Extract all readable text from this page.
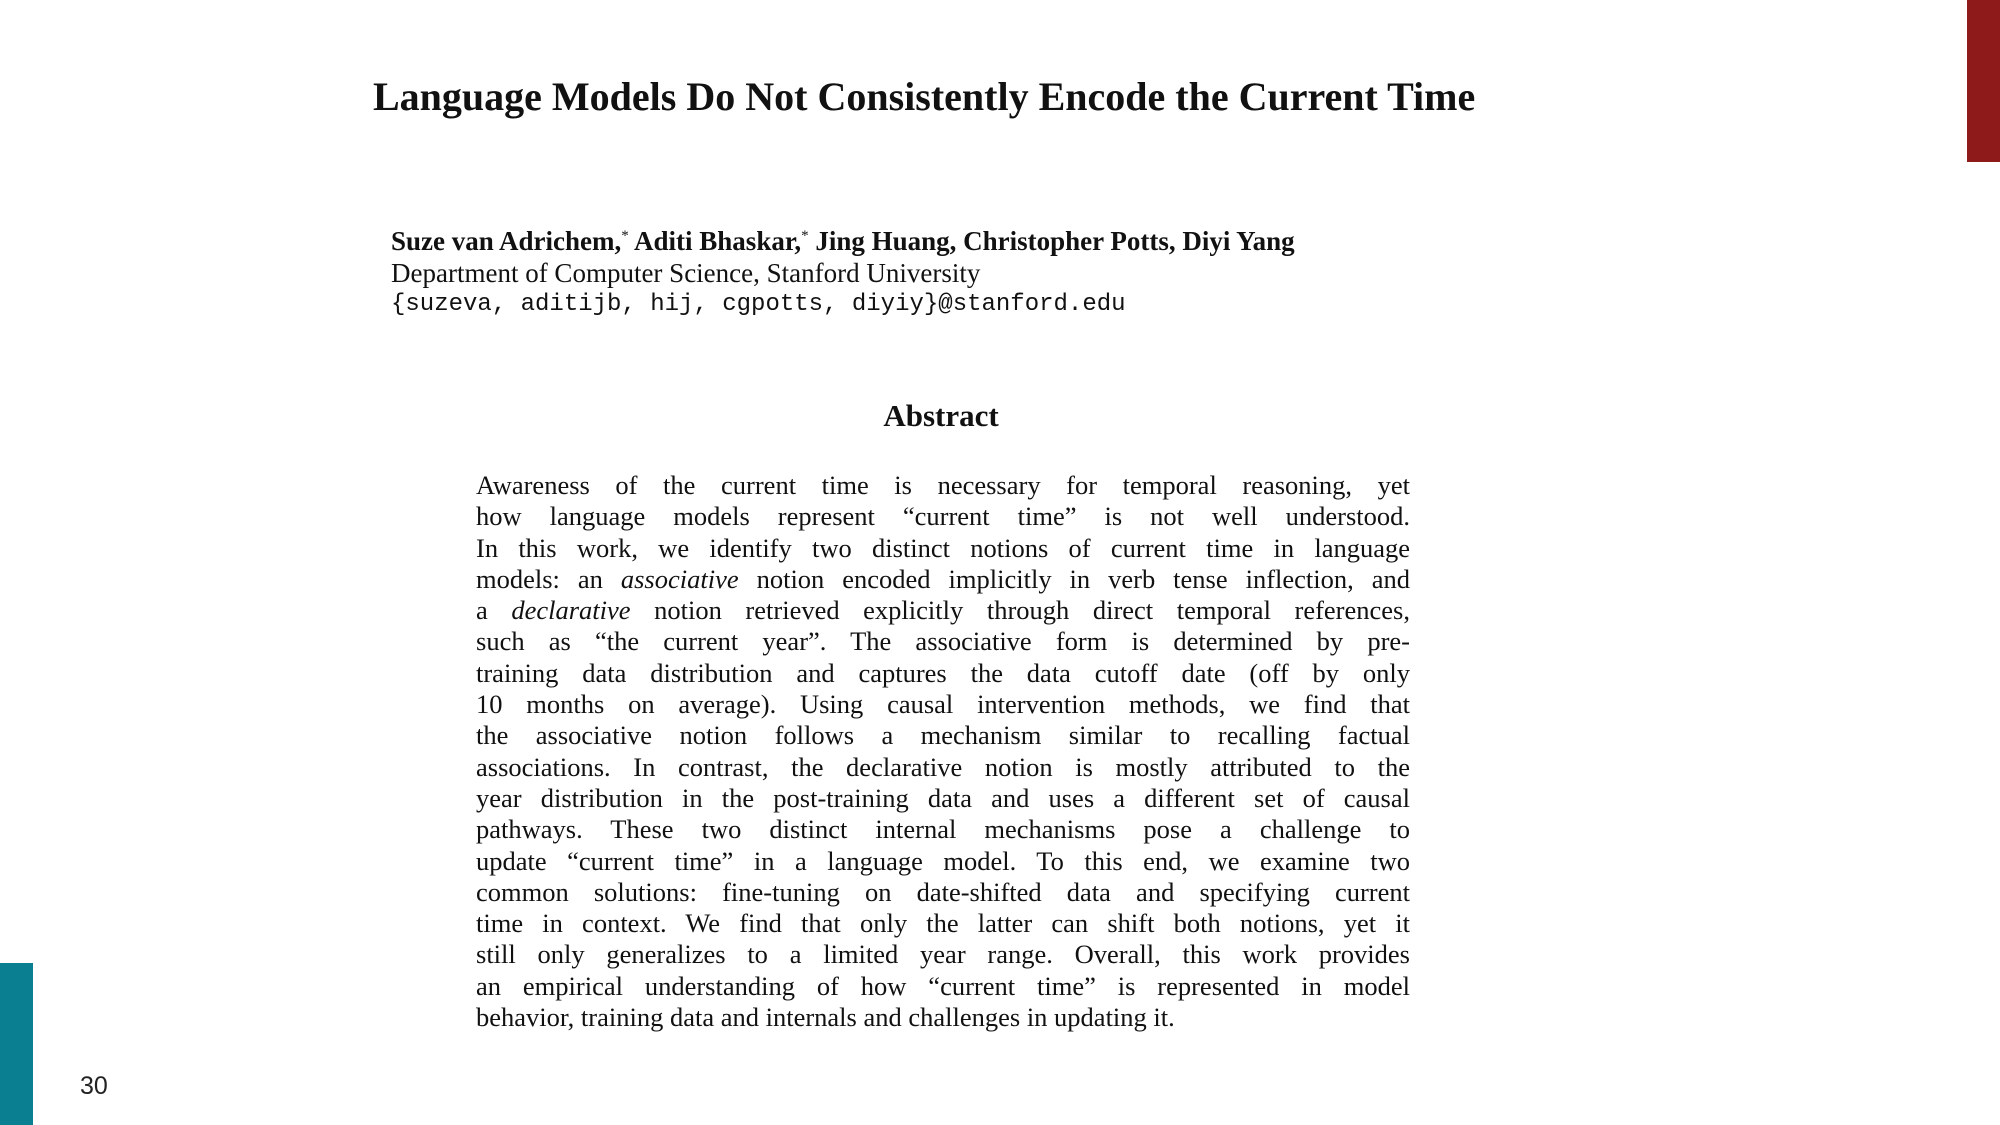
Language Models Do Not Consistently Encode the Current Time
Suze van Adrichem,* Aditi Bhaskar,* Jing Huang, Christopher Potts, Diyi Yang
Department of Computer Science, Stanford University
{suzeva, aditijb, hij, cgpotts, diyiy}@stanford.edu
Abstract
Awareness of the current time is necessary for temporal reasoning, yet
how language models represent “current time” is not well understood.
In this work, we identify two distinct notions of current time in language
models: an associative notion encoded implicitly in verb tense inflection, and
a declarative notion retrieved explicitly through direct temporal references,
such as “the current year”. The associative form is determined by pre-
training data distribution and captures the data cutoff date (off by only
10 months on average). Using causal intervention methods, we find that
the associative notion follows a mechanism similar to recalling factual
associations. In contrast, the declarative notion is mostly attributed to the
year distribution in the post-training data and uses a different set of causal
pathways. These two distinct internal mechanisms pose a challenge to
update “current time” in a language model. To this end, we examine two
common solutions: fine-tuning on date-shifted data and specifying current
time in context. We find that only the latter can shift both notions, yet it
still only generalizes to a limited year range. Overall, this work provides
an empirical understanding of how “current time” is represented in model
behavior, training data and internals and challenges in updating it.
30
